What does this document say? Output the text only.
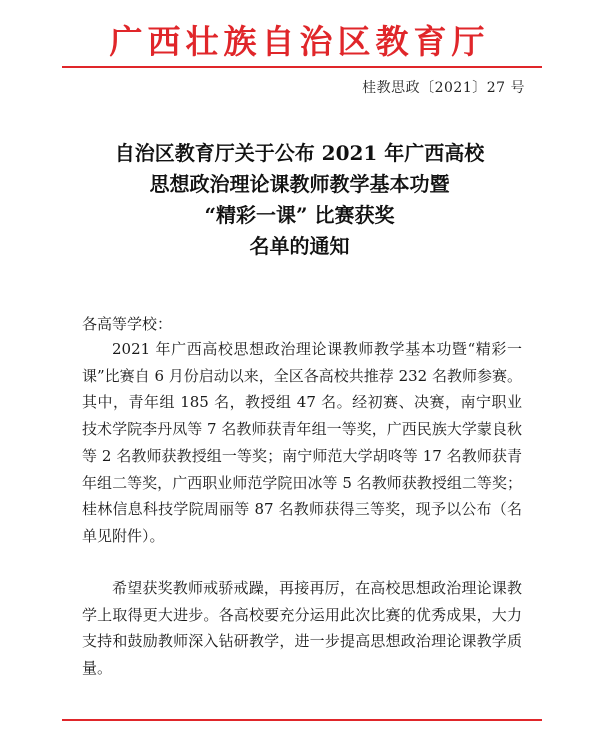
广西壮族自治区教育厅
桂教思政〔2021〕27 号
自治区教育厅关于公布 2021 年广西高校
思想政治理论课教师教学基本功暨
“精彩一课” 比赛获奖
名单的通知
各高等学校：

2021 年广西高校思想政治理论课教师教学基本功暨“精彩一课”比赛自 6 月份启动以来，全区各高校共推荐 232 名教师参赛。其中，青年组 185 名，教授组 47 名。经初赛、决赛，南宁职业技术学院李丹凤等 7 名教师获青年组一等奖，广西民族大学蒙良秋等 2 名教师获教授组一等奖；南宁师范大学胡咚等 17 名教师获青年组二等奖，广西职业师范学院田冰等 5 名教师获教授组二等奖；桂林信息科技学院周丽等 87 名教师获得三等奖，现予以公布（名单见附件）。

希望获奖教师戒骄戒躁，再接再厉，在高校思想政治理论课教学上取得更大进步。各高校要充分运用此次比赛的优秀成果，大力支持和鼓励教师深入钻研教学，进一步提高思想政治理论课教学质量。
